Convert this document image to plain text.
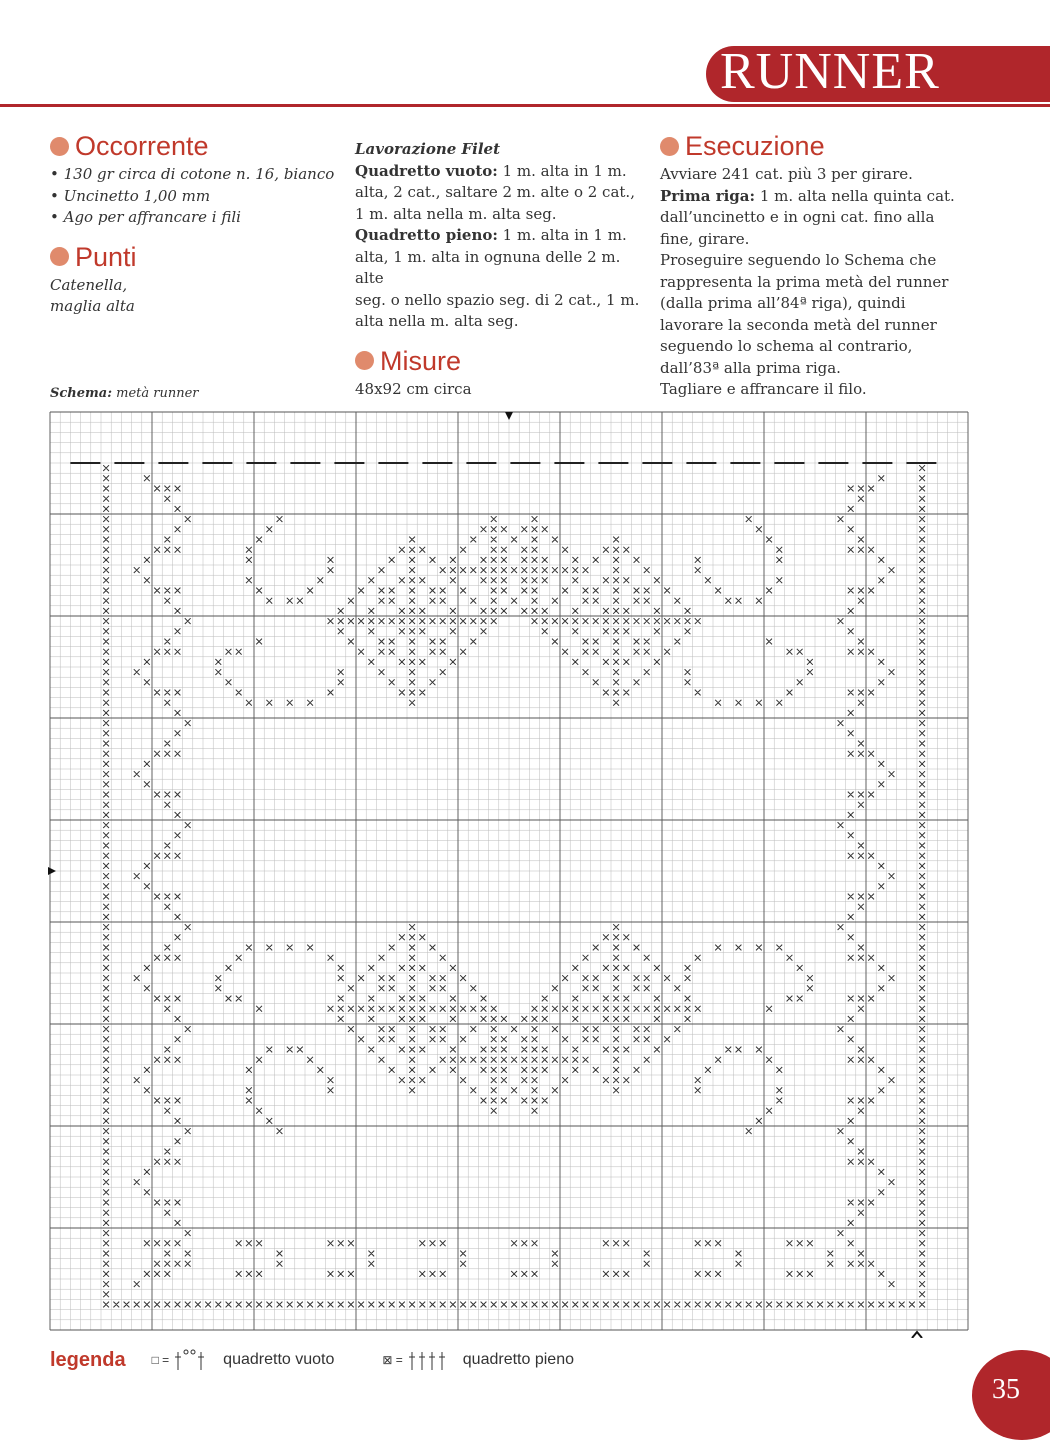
RUNNER
Occorrente
• 130 gr circa di cotone n. 16, bianco
• Uncinetto 1,00 mm
• Ago per affrancare i fili
Punti
Catenella,
maglia alta
Lavorazione Filet
Quadretto vuoto: 1 m. alta in 1 m.
alta, 2 cat., saltare 2 m. alte o 2 cat.,
1 m. alta nella m. alta seg.
Quadretto pieno: 1 m. alta in 1 m.
alta, 1 m. alta in ognuna delle 2 m. alte
seg. o nello spazio seg. di 2 cat., 1 m.
alta nella m. alta seg.
Misure
48x92 cm circa
Esecuzione
Avviare 241 cat. più 3 per girare.
Prima riga: 1 m. alta nella quinta cat.
dall’uncinetto e in ogni cat. fino alla
fine, girare.
Proseguire seguendo lo Schema che
rappresenta la prima metà del runner
(dalla prima all’84ª riga), quindi
lavorare la seconda metà del runner
seguendo lo schema al contrario,
dall’83ª alla prima riga.
Tagliare e affrancare il filo.
Schema: metà runner
legenda □ =	quadretto vuoto	⊠ =	quadretto pieno
35
